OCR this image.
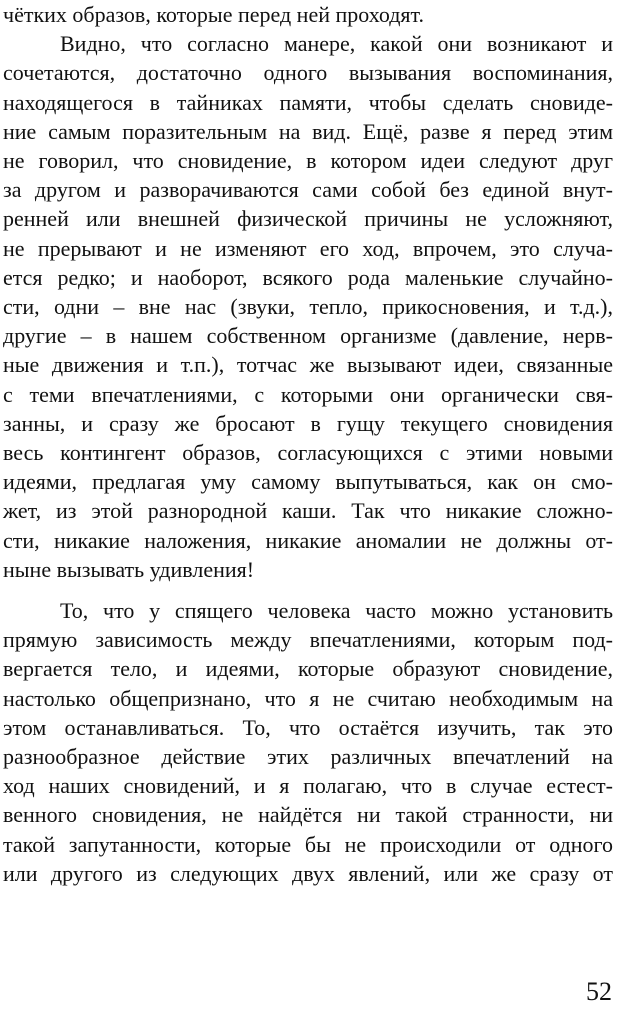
чётких образов, которые перед ней проходят.
Видно, что согласно манере, какой они возникают и
сочетаются, достаточно одного вызывания воспоминания,
находящегося в тайниках памяти, чтобы сделать сновиде-
ние самым поразительным на вид. Ещё, разве я перед этим
не говорил, что сновидение, в котором идеи следуют друг
за другом и разворачиваются сами собой без единой внут-
ренней или внешней физической причины не усложняют,
не прерывают и не изменяют его ход, впрочем, это случа-
ется редко; и наоборот, всякого рода маленькие случайно-
сти, одни – вне нас (звуки, тепло, прикосновения, и т.д.),
другие – в нашем собственном организме (давление, нерв-
ные движения и т.п.), тотчас же вызывают идеи, связанные
с теми впечатлениями, с которыми они органически свя-
занны, и сразу же бросают в гущу текущего сновидения
весь контингент образов, согласующихся с этими новыми
идеями, предлагая уму самому выпутываться, как он смо-
жет, из этой разнородной каши. Так что никакие сложно-
сти, никакие наложения, никакие аномалии не должны от-
ныне вызывать удивления!
То, что у спящего человека часто можно установить
прямую зависимость между впечатлениями, которым под-
вергается тело, и идеями, которые образуют сновидение,
настолько общепризнано, что я не считаю необходимым на
этом останавливаться. То, что остаётся изучить, так это
разнообразное действие этих различных впечатлений на
ход наших сновидений, и я полагаю, что в случае естест-
венного сновидения, не найдётся ни такой странности, ни
такой запутанности, которые бы не происходили от одного
или другого из следующих двух явлений, или же сразу от
52
